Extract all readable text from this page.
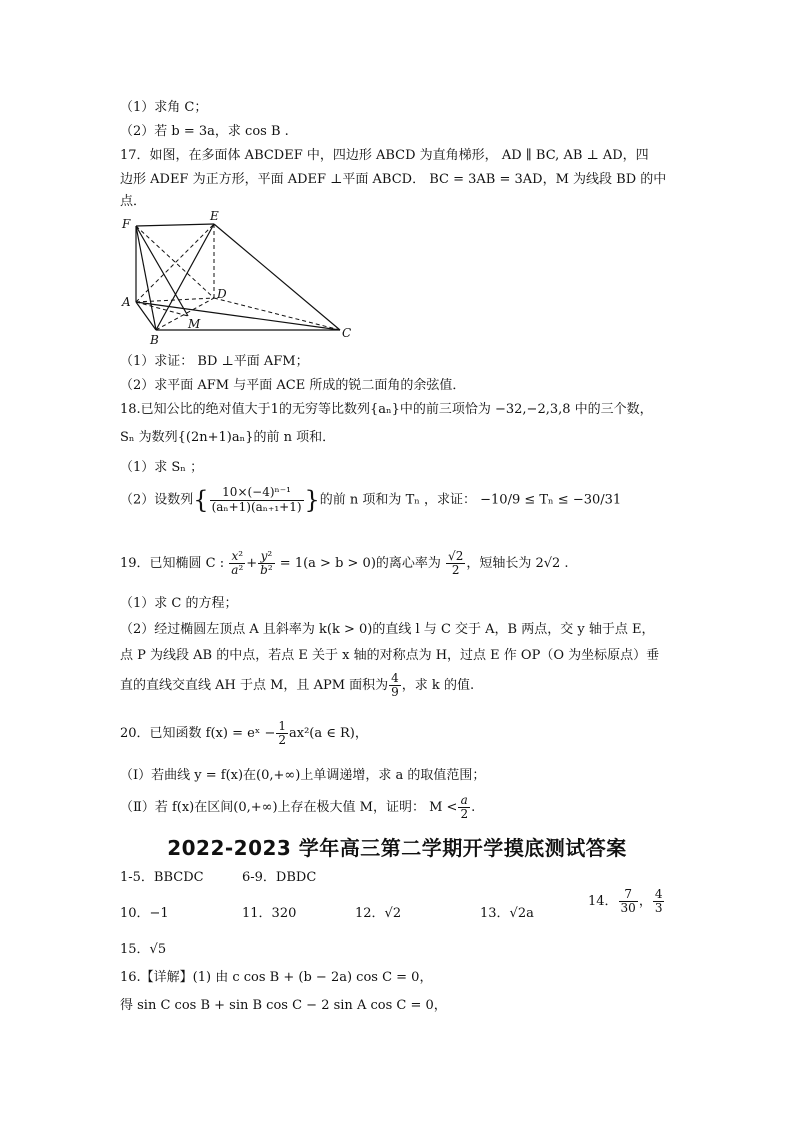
（1）求角 C；
（2）若 b = 3a，求 cos B .
17．如图，在多面体 ABCDEF 中，四边形 ABCD 为直角梯形， AD ∥ BC, AB ⊥ AD，四
边形 ADEF 为正方形，平面 ADEF ⊥平面 ABCD． BC = 3AB = 3AD，M 为线段 BD 的中
点．
F
E
A
D
M
B	C
（1）求证： BD ⊥平面 AFM；
（2）求平面 AFM 与平面 ACE 所成的锐二面角的余弦值．
18.已知公比的绝对值大于1的无穷等比数列{aₙ}中的前三项恰为 −32,−2,3,8 中的三个数，
Sₙ 为数列{(2n+1)aₙ}的前 n 项和．
（1）求 Sₙ ；
（2）设数列{ $\frac{\text{10×(−4)ⁿ⁻¹}}{\text{(aₙ+1)(aₙ₊₁+1)}}$ }的前 n 项和为 Tₙ ，求证： −10/9 ≤ Tₙ ≤ −30/31
19．已知椭圆 C : $\frac{\text{x²}}{\text{a²}} + \frac{\text{y²}}{\text{b²}} = 1(a > b > 0)$的离心率为 $\frac{√2}{2}$ ，短轴长为 2√2 .
（1）求 C 的方程；
（2）经过椭圆左顶点 A 且斜率为 k(k > 0)的直线 l 与 C 交于 A，B 两点，交 y 轴于点 E，
点 P 为线段 AB 的中点，若点 E 关于 x 轴的对称点为 H，过点 E 作 OP（O 为坐标原点）垂
直的直线交直线 AH 于点 M，且 APM 面积为 $\frac{4}{9}$ ，求 k 的值.
20．已知函数 f(x) = eˣ − $\frac{1}{2} ax^2(a$ ∈ R)，
（Ⅰ）若曲线 y = f(x)在(0,+∞)上单调递增，求 a 的取值范围；
（Ⅱ）若 f(x)在区间(0,+∞)上存在极大值 M，证明： $M < \frac{a}{2}$ .
2022-2023 学年高三第二学期开学摸底测试答案
1-5．BBCDC	6-9．DBDC
10．−1	11．320	12．√2	13．√2a
14． $\frac{7}{30}$ ， $\frac{4}{3}$
15．√5
16.【详解】(1) 由 c cos B + (b − 2a) cos C = 0，
得 sin C cos B + sin B cos C − 2 sin A cos C = 0，
